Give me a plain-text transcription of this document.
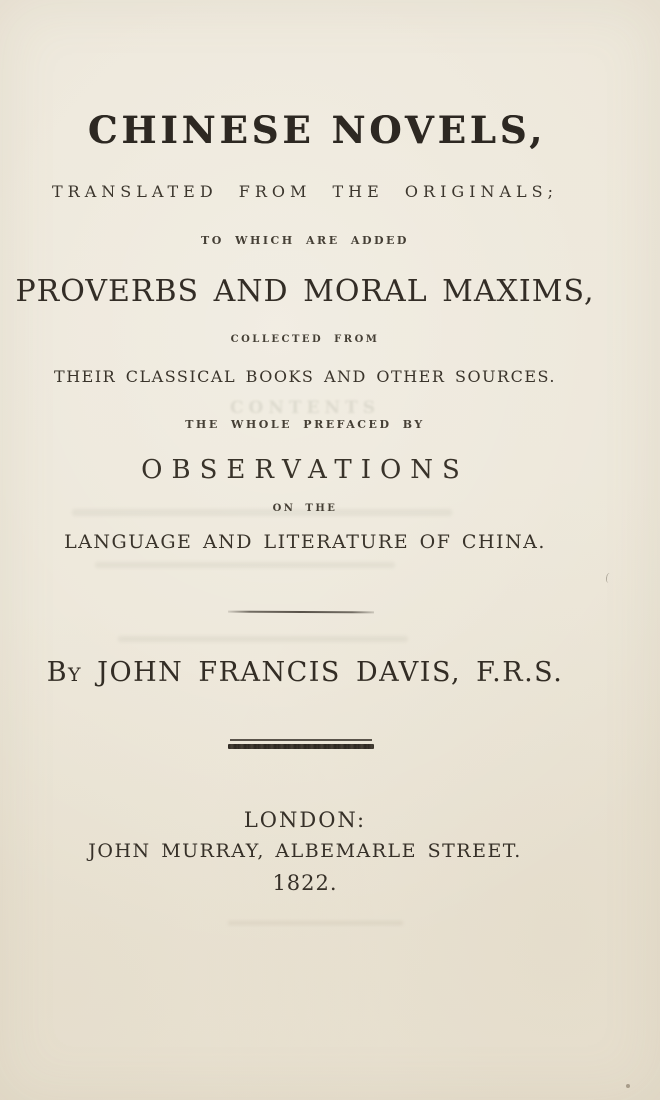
CONTENTS
CHINESE NOVELS,
TRANSLATED FROM THE ORIGINALS;
TO WHICH ARE ADDED
PROVERBS AND MORAL MAXIMS,
COLLECTED FROM
THEIR CLASSICAL BOOKS AND OTHER SOURCES.
THE WHOLE PREFACED BY
OBSERVATIONS
ON THE
LANGUAGE AND LITERATURE OF CHINA.
By JOHN FRANCIS DAVIS, F.R.S.
LONDON:
JOHN MURRAY, ALBEMARLE STREET.
1822.
